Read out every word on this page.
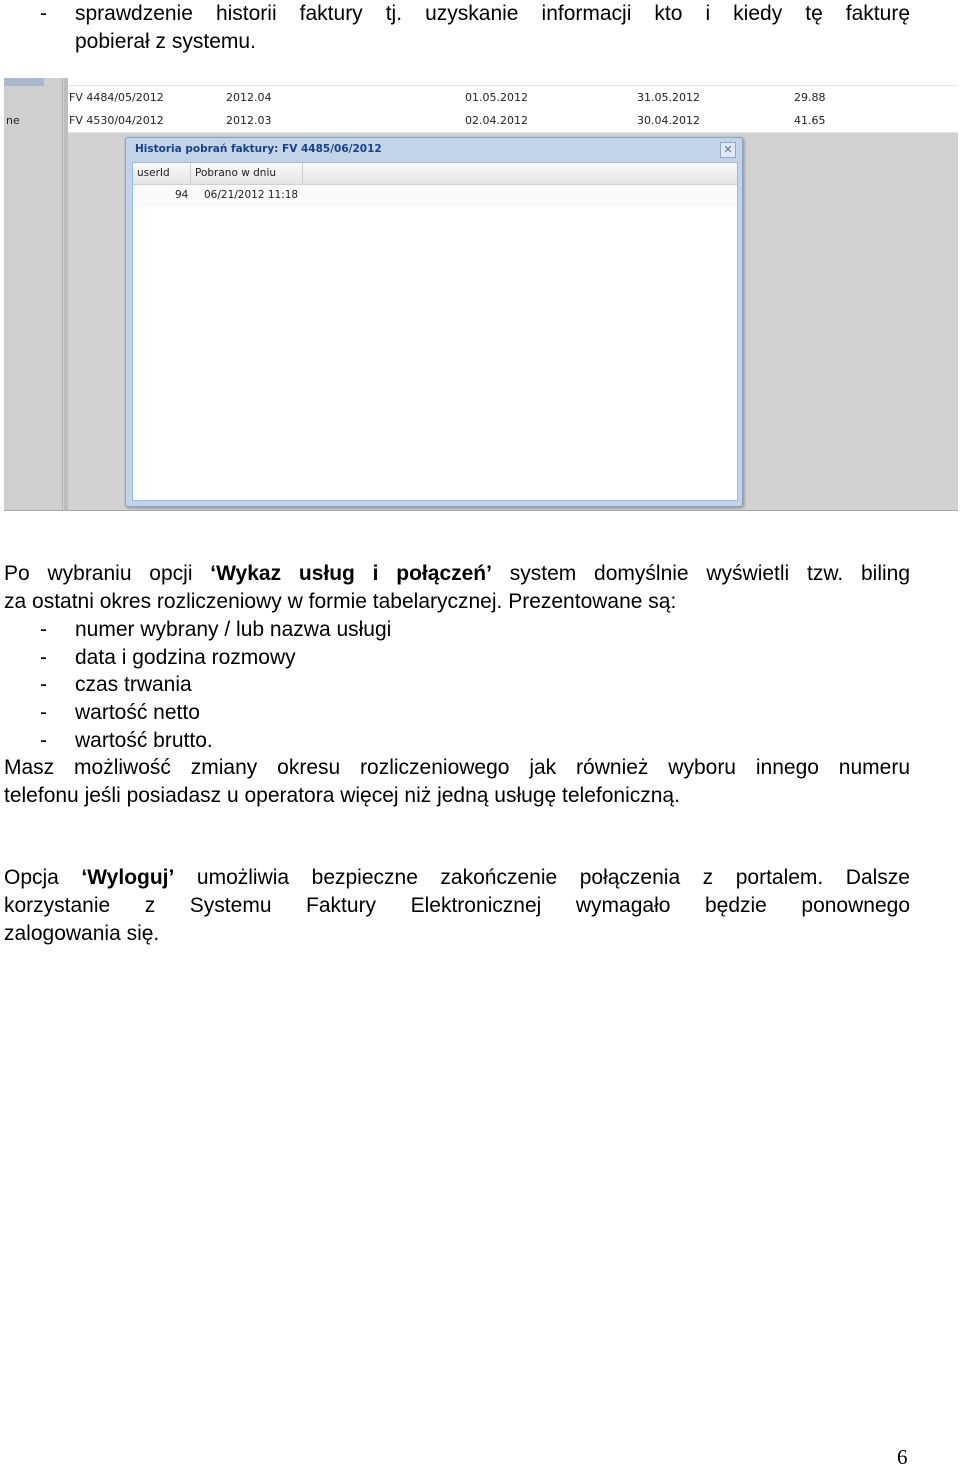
- sprawdzenie historii faktury tj. uzyskanie informacji kto i kiedy tę fakturę

pobierał z systemu.

ne
FV 4484/05/2012	2012.04	01.05.2012	31.05.2012	29.88
FV 4530/04/2012	2012.03	02.04.2012	30.04.2012	41.65
Historia pobrań faktury: FV 4485/06/2012	✕
userId	Pobrano w dniu
94 06/21/2012 11:18

Po wybraniu opcji ‘Wykaz usług i połączeń’ system domyślnie wyświetli tzw. biling

za ostatni okres rozliczeniowy w formie tabelarycznej. Prezentowane są:

- numer wybrany / lub nazwa usługi
- data i godzina rozmowy
- czas trwania
- wartość netto
- wartość brutto.

Masz możliwość zmiany okresu rozliczeniowego jak również wyboru innego numeru

telefonu jeśli posiadasz u operatora więcej niż jedną usługę telefoniczną.

Opcja ‘Wyloguj’ umożliwia bezpieczne zakończenie połączenia z portalem. Dalsze

korzystanie z Systemu Faktury Elektronicznej wymagało będzie ponownego

zalogowania się.

6
